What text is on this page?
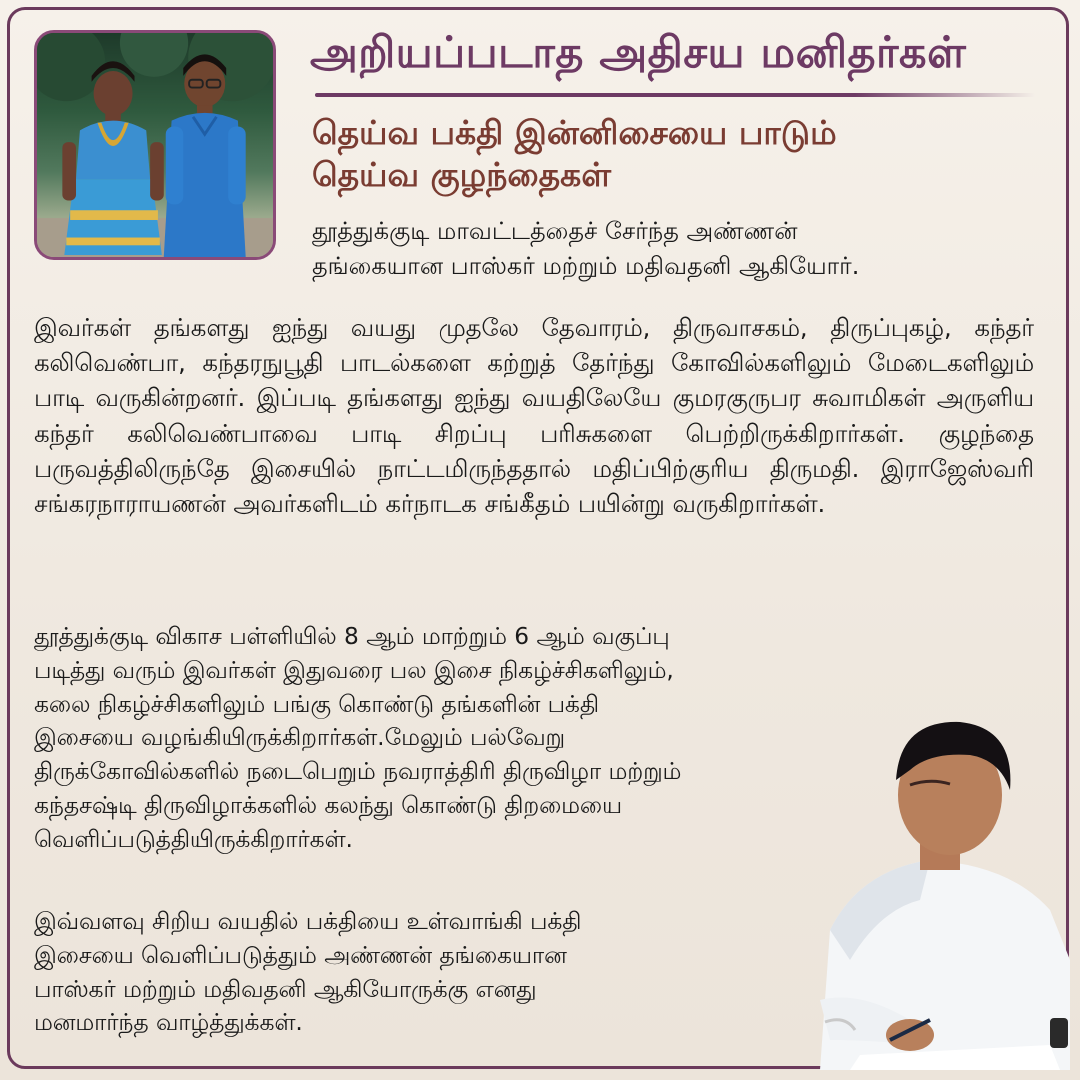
அறியப்படாத அதிசய மனிதர்கள்
தெய்வ பக்தி இன்னிசையை பாடும்
தெய்வ குழந்தைகள்
தூத்துக்குடி மாவட்டத்தைச் சேர்ந்த அண்ணன்
தங்கையான பாஸ்கர் மற்றும் மதிவதனி ஆகியோர்.
இவர்கள் தங்களது ஐந்து வயது முதலே தேவாரம், திருவாசகம், திருப்புகழ், கந்தர் கலிவெண்பா, கந்தரநுபூதி பாடல்களை கற்றுத் தேர்ந்து கோவில்களிலும் மேடைகளிலும் பாடி வருகின்றனர். இப்படி தங்களது ஐந்து வயதிலேயே குமரகுருபர சுவாமிகள் அருளிய கந்தர் கலிவெண்பாவை பாடி சிறப்பு பரிசுகளை பெற்றிருக்கிறார்கள். குழந்தை பருவத்திலிருந்தே இசையில் நாட்டமிருந்ததால் மதிப்பிற்குரிய திருமதி. இராஜேஸ்வரி சங்கரநாராயணன் அவர்களிடம் கர்நாடக சங்கீதம் பயின்று வருகிறார்கள்.
தூத்துக்குடி விகாச பள்ளியில் 8 ஆம் மாற்றும் 6 ஆம் வகுப்பு
படித்து வரும் இவர்கள் இதுவரை பல இசை நிகழ்ச்சிகளிலும்,
கலை நிகழ்ச்சிகளிலும் பங்கு கொண்டு தங்களின் பக்தி
இசையை வழங்கியிருக்கிறார்கள்.மேலும் பல்வேறு
திருக்கோவில்களில் நடைபெறும் நவராத்திரி திருவிழா மற்றும்
கந்தசஷ்டி திருவிழாக்களில் கலந்து கொண்டு திறமையை
வெளிப்படுத்தியிருக்கிறார்கள்.
இவ்வளவு சிறிய வயதில் பக்தியை உள்வாங்கி பக்தி
இசையை வெளிப்படுத்தும் அண்ணன் தங்கையான
பாஸ்கர் மற்றும் மதிவதனி ஆகியோருக்கு எனது
மனமார்ந்த வாழ்த்துக்கள்.
